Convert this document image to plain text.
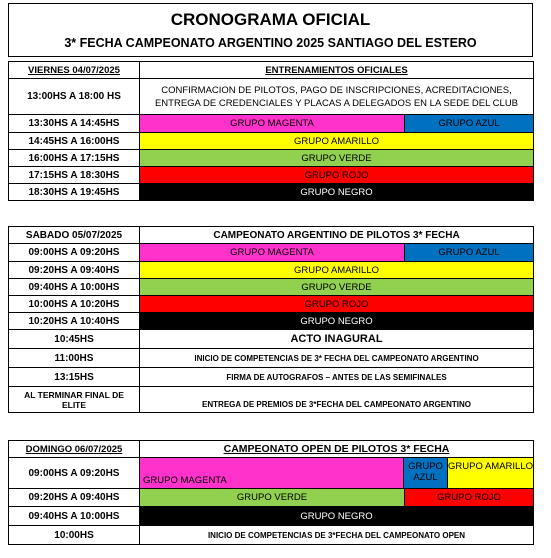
CRONOGRAMA OFICIAL
3* FECHA CAMPEONATO ARGENTINO 2025 SANTIAGO DEL ESTERO
VIERNES 04/07/2025	ENTRENAMIENTOS OFICIALES
13:00HS A 18:00 HS	CONFIRMACION DE PILOTOS, PAGO DE INSCRIPCIONES, ACREDITACIONES,
ENTREGA DE CREDENCIALES Y PLACAS A DELEGADOS EN LA SEDE DEL CLUB

13:30HS A 14:45HS	GRUPO MAGENTA GRUPO AZUL

14:45HS A 16:00HS	GRUPO AMARILLO
16:00HS A 17:15HS	GRUPO VERDE
17:15HS A 18:30HS	GRUPO ROJO
18:30HS A 19:45HS	GRUPO NEGRO
SABADO 05/07/2025	CAMPEONATO ARGENTINO DE PILOTOS 3* FECHA
09:00HS A 09:20HS	GRUPO MAGENTA GRUPO AZUL

09:20HS A 09:40HS	GRUPO AMARILLO
09:40HS A 10:00HS	GRUPO VERDE
10:00HS A 10:20HS	GRUPO ROJO
10:20HS A 10:40HS	GRUPO NEGRO
10:45HS	ACTO INAGURAL
11:00HS	INICIO DE COMPETENCIAS DE 3* FECHA DEL CAMPEONATO ARGENTINO
13:15HS	FIRMA DE AUTOGRAFOS – ANTES DE LAS SEMIFINALES
AL TERMINAR FINAL DE ELITE	ENTREGA DE PREMIOS DE 3*FECHA DEL CAMPEONATO ARGENTINO
DOMINGO 06/07/2025	CAMPEONATO OPEN DE PILOTOS 3* FECHA
09:00HS A 09:20HS	GRUPO MAGENTA
GRUPO AZUL
GRUPO AMARILLO

09:20HS A 09:40HS	GRUPO VERDE GRUPO ROJO

09:40HS A 10:00HS	GRUPO NEGRO
10:00HS	INICIO DE COMPETENCIAS DE 3*FECHA DEL CAMPEONATO OPEN
